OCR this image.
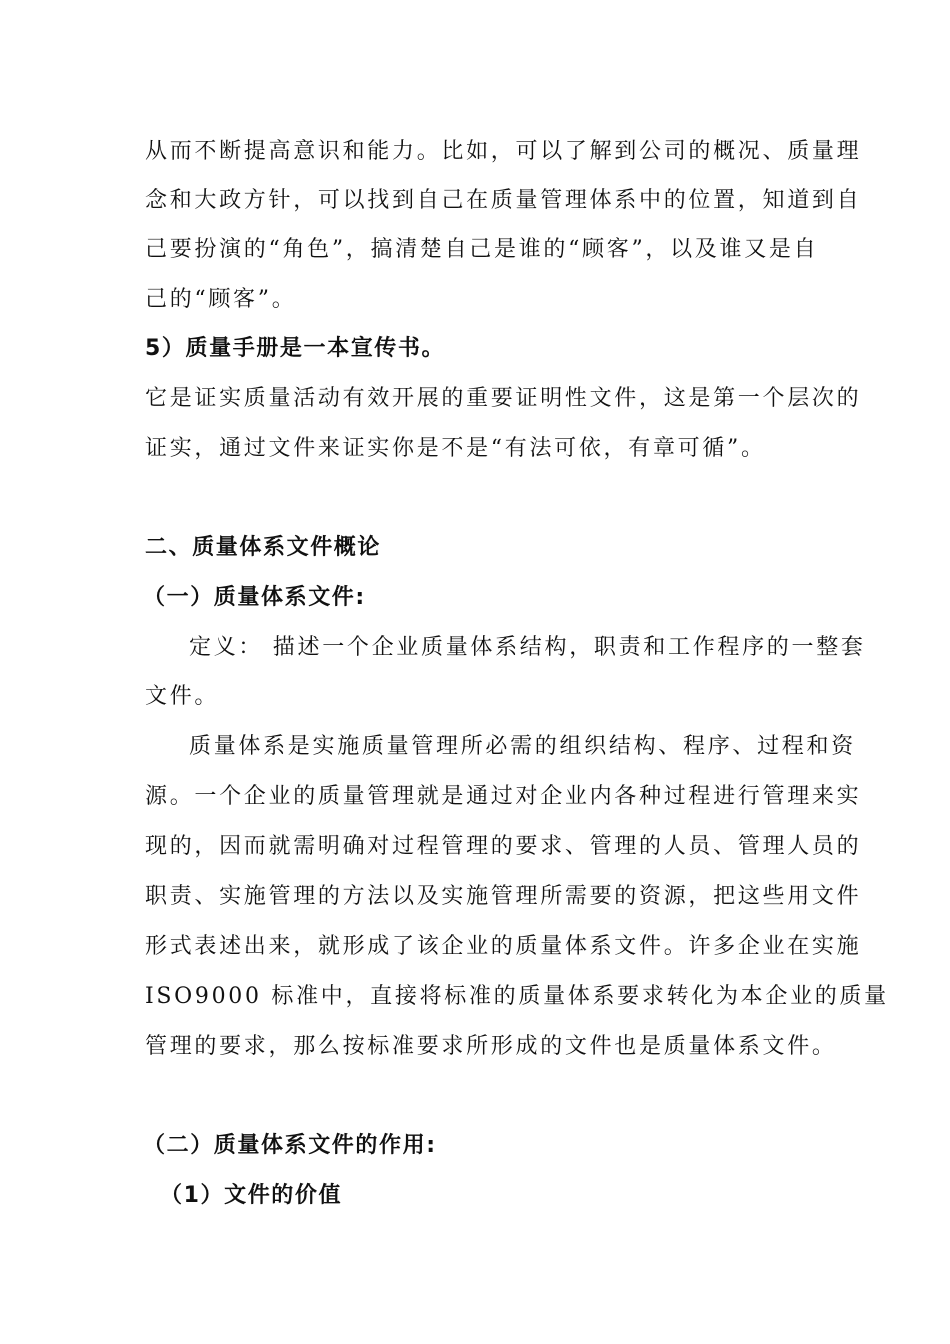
从而不断提高意识和能力。比如，可以了解到公司的概况、质量理
念和大政方针，可以找到自己在质量管理体系中的位置，知道到自
己要扮演的“角色”，搞清楚自己是谁的“顾客”，以及谁又是自
己的“顾客”。
5）质量手册是一本宣传书。
它是证实质量活动有效开展的重要证明性文件，这是第一个层次的
证实，通过文件来证实你是不是“有法可依，有章可循”。
二、质量体系文件概论
（一）质量体系文件:
定义： 描述一个企业质量体系结构，职责和工作程序的一整套
文件。
质量体系是实施质量管理所必需的组织结构、程序、过程和资
源。一个企业的质量管理就是通过对企业内各种过程进行管理来实
现的，因而就需明确对过程管理的要求、管理的人员、管理人员的
职责、实施管理的方法以及实施管理所需要的资源，把这些用文件
形式表述出来，就形成了该企业的质量体系文件。许多企业在实施
ISO9000 标准中，直接将标准的质量体系要求转化为本企业的质量
管理的要求，那么按标准要求所形成的文件也是质量体系文件。
（二）质量体系文件的作用:
（1）文件的价值
